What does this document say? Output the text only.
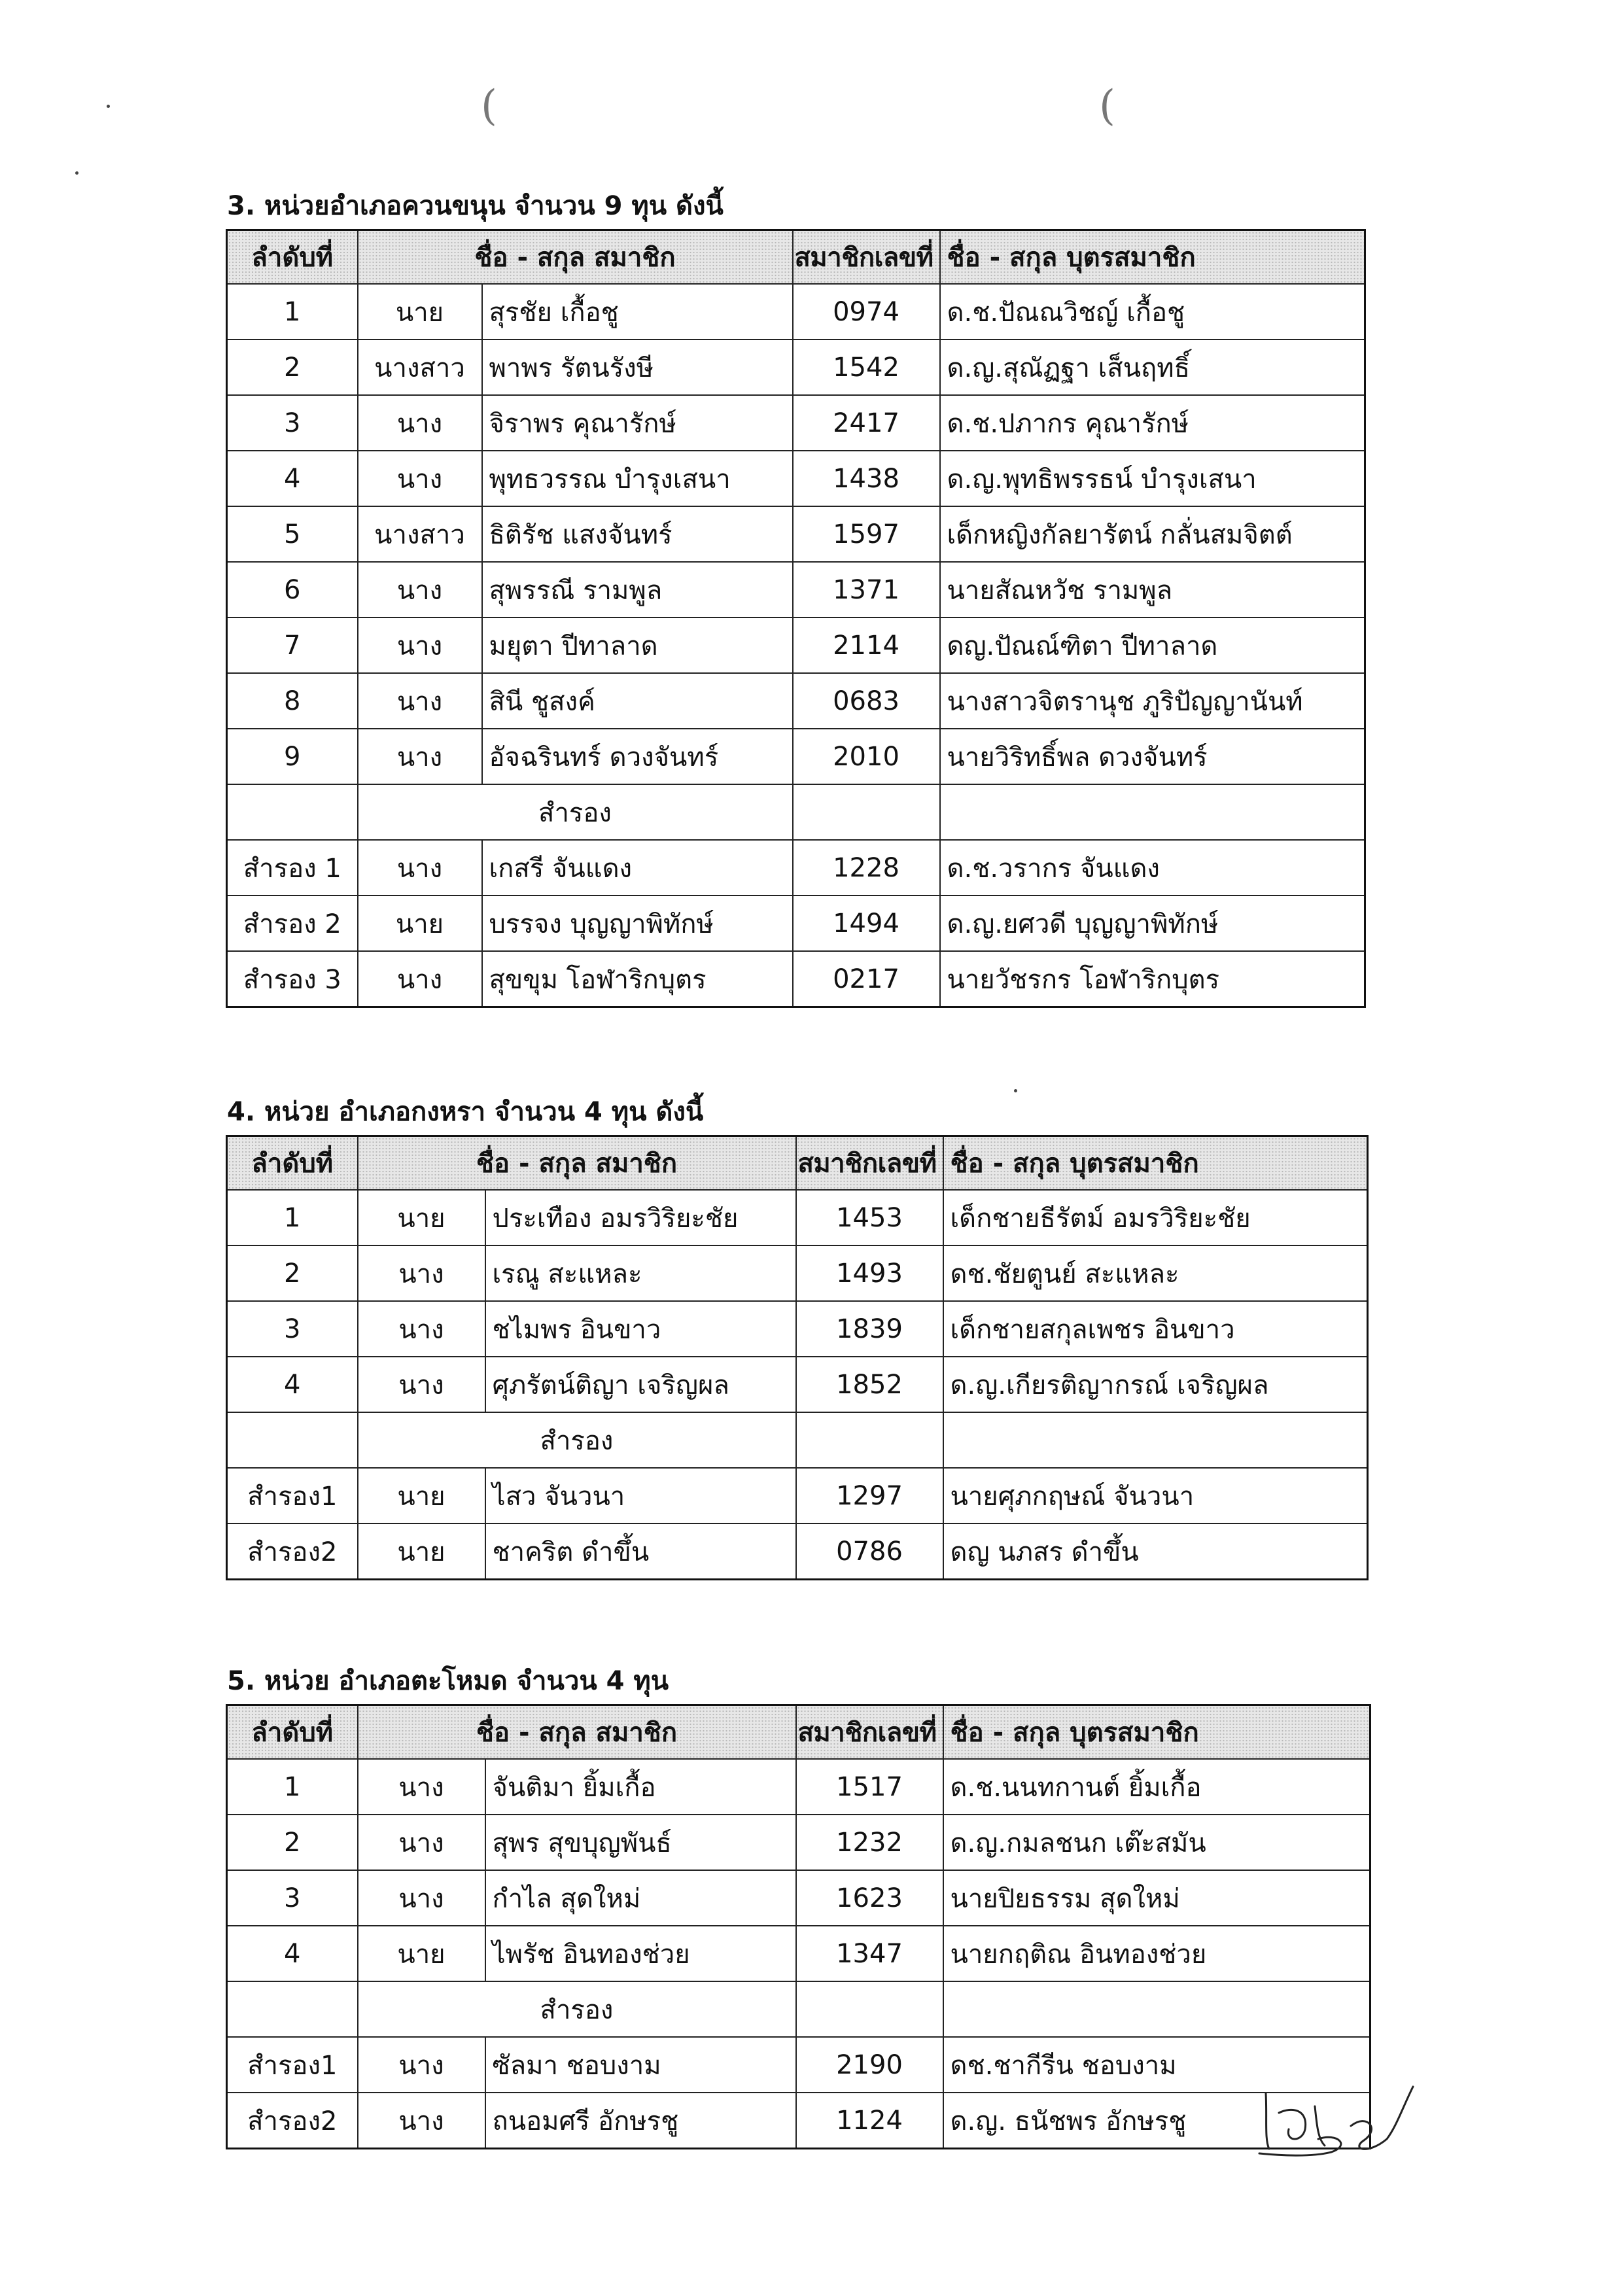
(	(
3. หน่วยอำเภอควนขนุน จำนวน 9 ทุน ดังนี้
ลำดับที่	ชื่อ - สกุล สมาชิก		สมาชิกเลขที่	ชื่อ - สกุล บุตรสมาชิก
1	นาย	สุรชัย เกื้อชู	0974	ด.ช.ปัณณวิชญ์ เกื้อชู
2	นางสาว	พาพร รัตนรังษี	1542	ด.ญ.สุณัฏฐา เส็นฤทธิ์
3	นาง	จิราพร คุณารักษ์	2417	ด.ช.ปภากร คุณารักษ์
4	นาง	พุทธวรรณ บำรุงเสนา	1438	ด.ญ.พุทธิพรรธน์ บำรุงเสนา
5	นางสาว	ธิติรัช แสงจันทร์	1597	เด็กหญิงกัลยารัตน์ กลั่นสมจิตต์
6	นาง	สุพรรณี รามพูล	1371	นายสัณหวัช รามพูล
7	นาง	มยุตา ปีทาลาด	2114	ดญ.ปัณณ์ฑิตา ปีทาลาด
8	นาง	สินี ชูสงค์	0683	นางสาวจิตรานุช ภูริปัญญานันท์
9	นาง	อัจฉรินทร์ ดวงจันทร์	2010	นายวิริทธิ์พล ดวงจันทร์
	สำรอง			
สำรอง 1	นาง	เกสรี จันแดง	1228	ด.ช.วรากร จันแดง
สำรอง 2	นาย	บรรจง บุญญาพิทักษ์	1494	ด.ญ.ยศวดี บุญญาพิทักษ์
สำรอง 3	นาง	สุขขุม โอฬาริกบุตร	0217	นายวัชรกร โอฬาริกบุตร
4. หน่วย อำเภอกงหรา จำนวน 4 ทุน ดังนี้
ลำดับที่	ชื่อ - สกุล สมาชิก		สมาชิกเลขที่	ชื่อ - สกุล บุตรสมาชิก
1	นาย	ประเทือง อมรวิริยะชัย	1453	เด็กชายธีรัตม์ อมรวิริยะชัย
2	นาง	เรณู สะแหละ	1493	ดช.ชัยตูนย์ สะแหละ
3	นาง	ชไมพร อินขาว	1839	เด็กชายสกุลเพชร อินขาว
4	นาง	ศุภรัตน์ติญา เจริญผล	1852	ด.ญ.เกียรติญากรณ์ เจริญผล
	สำรอง			
สำรอง1	นาย	ไสว จันวนา	1297	นายศุภกฤษณ์ จันวนา
สำรอง2	นาย	ชาคริต ดำขึ้น	0786	ดญ นภสร ดำขึ้น
5. หน่วย อำเภอตะโหมด จำนวน 4 ทุน
ลำดับที่	ชื่อ - สกุล สมาชิก		สมาชิกเลขที่	ชื่อ - สกุล บุตรสมาชิก
1	นาง	จันติมา ยิ้มเกื้อ	1517	ด.ช.นนทกานต์ ยิ้มเกื้อ
2	นาง	สุพร สุขบุญพันธ์	1232	ด.ญ.กมลชนก เต๊ะสมัน
3	นาง	กำไล สุดใหม่	1623	นายปิยธรรม สุดใหม่
4	นาย	ไพรัช อินทองช่วย	1347	นายกฤติณ อินทองช่วย
	สำรอง			
สำรอง1	นาง	ซัลมา ชอบงาม	2190	ดช.ชากีรีน ชอบงาม
สำรอง2	นาง	ถนอมศรี อักษรชู	1124	ด.ญ. ธนัชพร อักษรชู
